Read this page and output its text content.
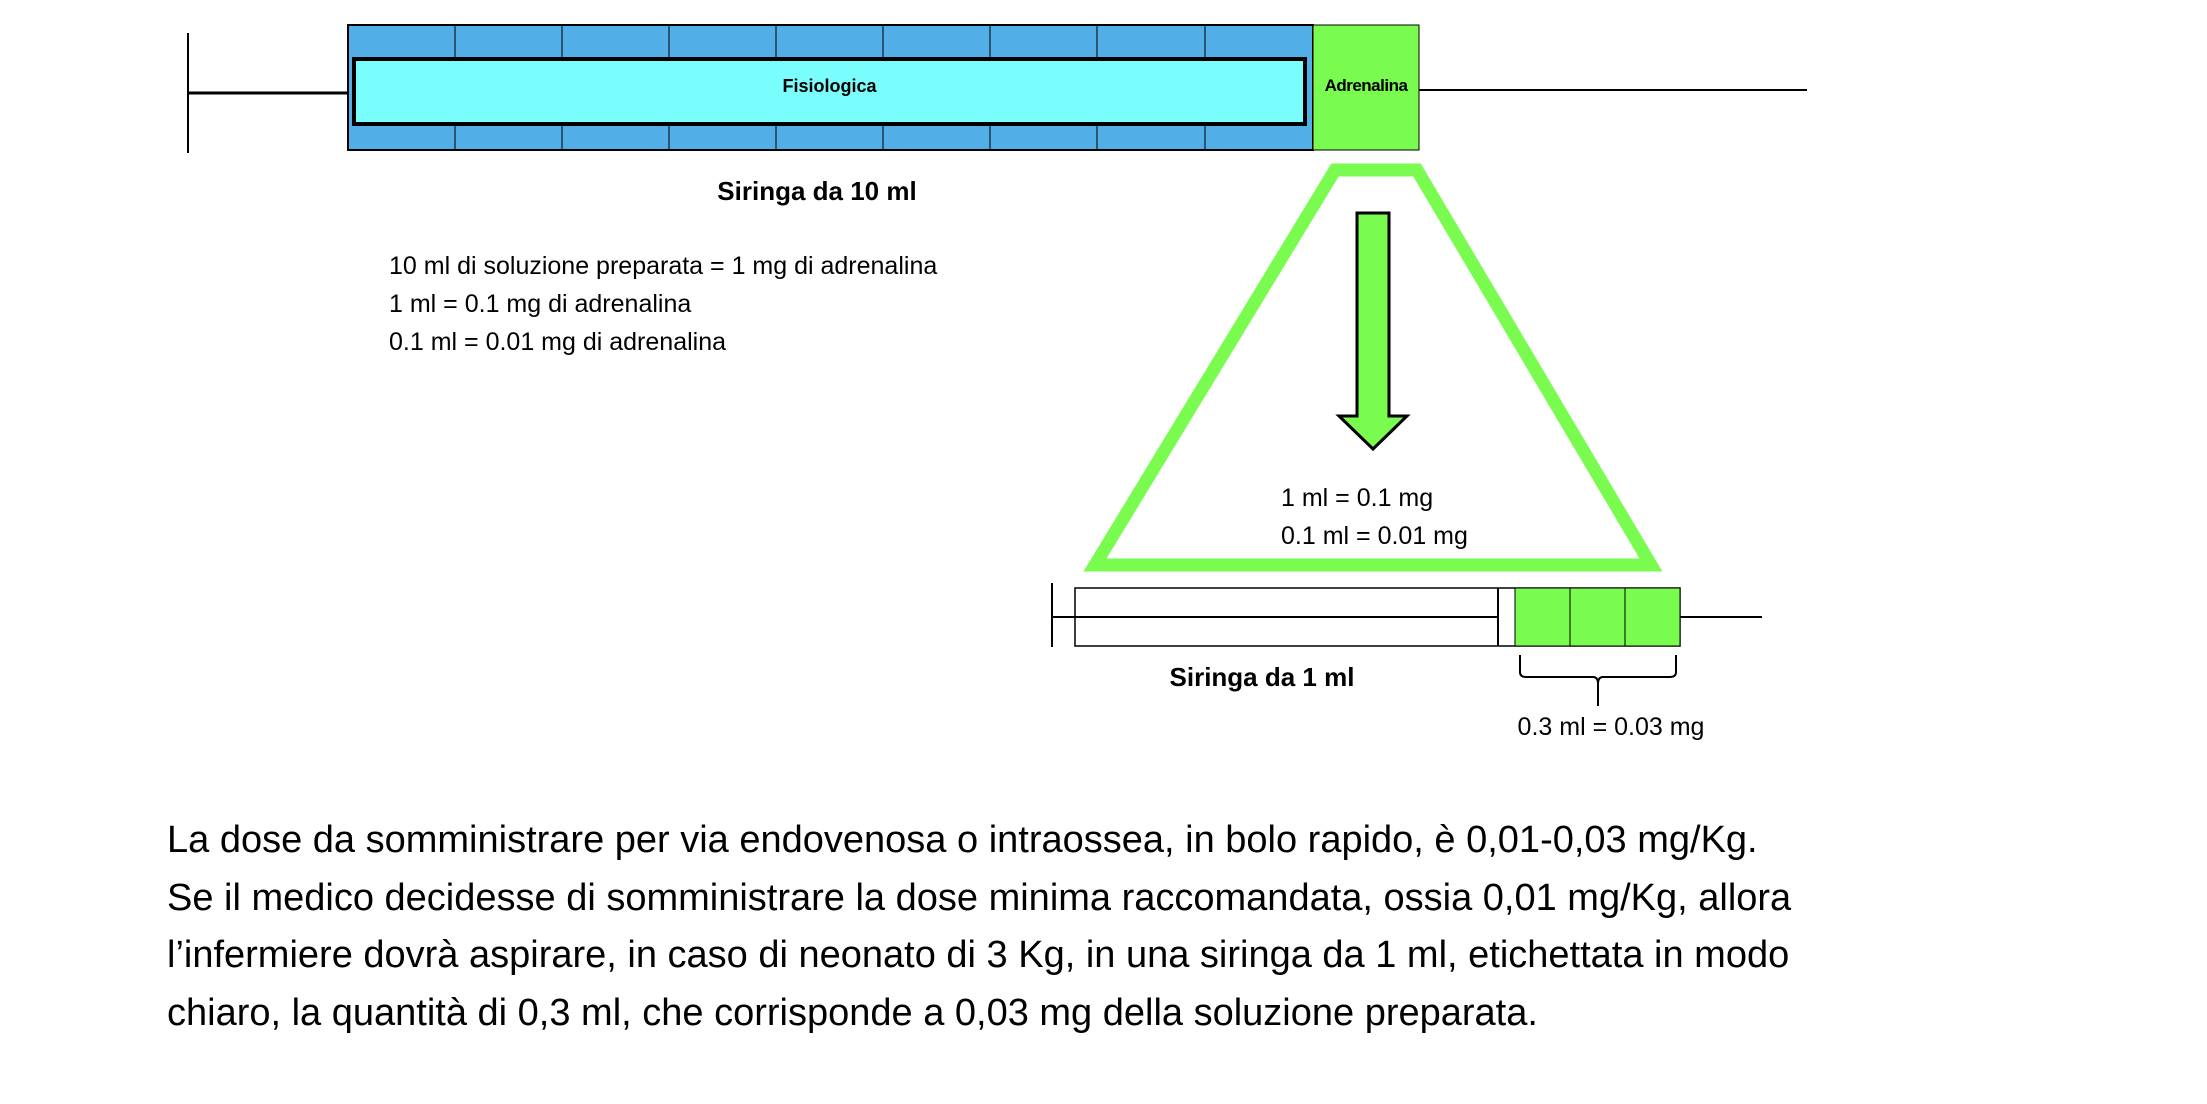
Fisiologica	Adrenalina
Siringa da 10 ml
10 ml di soluzione preparata = 1 mg di adrenalina
1 ml = 0.1 mg di adrenalina
0.1 ml = 0.01 mg di adrenalina
1 ml = 0.1 mg
0.1 ml = 0.01 mg
Siringa da 1 ml
0.3 ml = 0.03 mg
La dose da somministrare per via endovenosa o intraossea, in bolo rapido, è 0,01-0,03 mg/Kg.
Se il medico decidesse di somministrare la dose minima raccomandata, ossia 0,01 mg/Kg, allora
l’infermiere dovrà aspirare, in caso di neonato di 3 Kg, in una siringa da 1 ml, etichettata in modo
chiaro, la quantità di 0,3 ml, che corrisponde a 0,03 mg della soluzione preparata.
